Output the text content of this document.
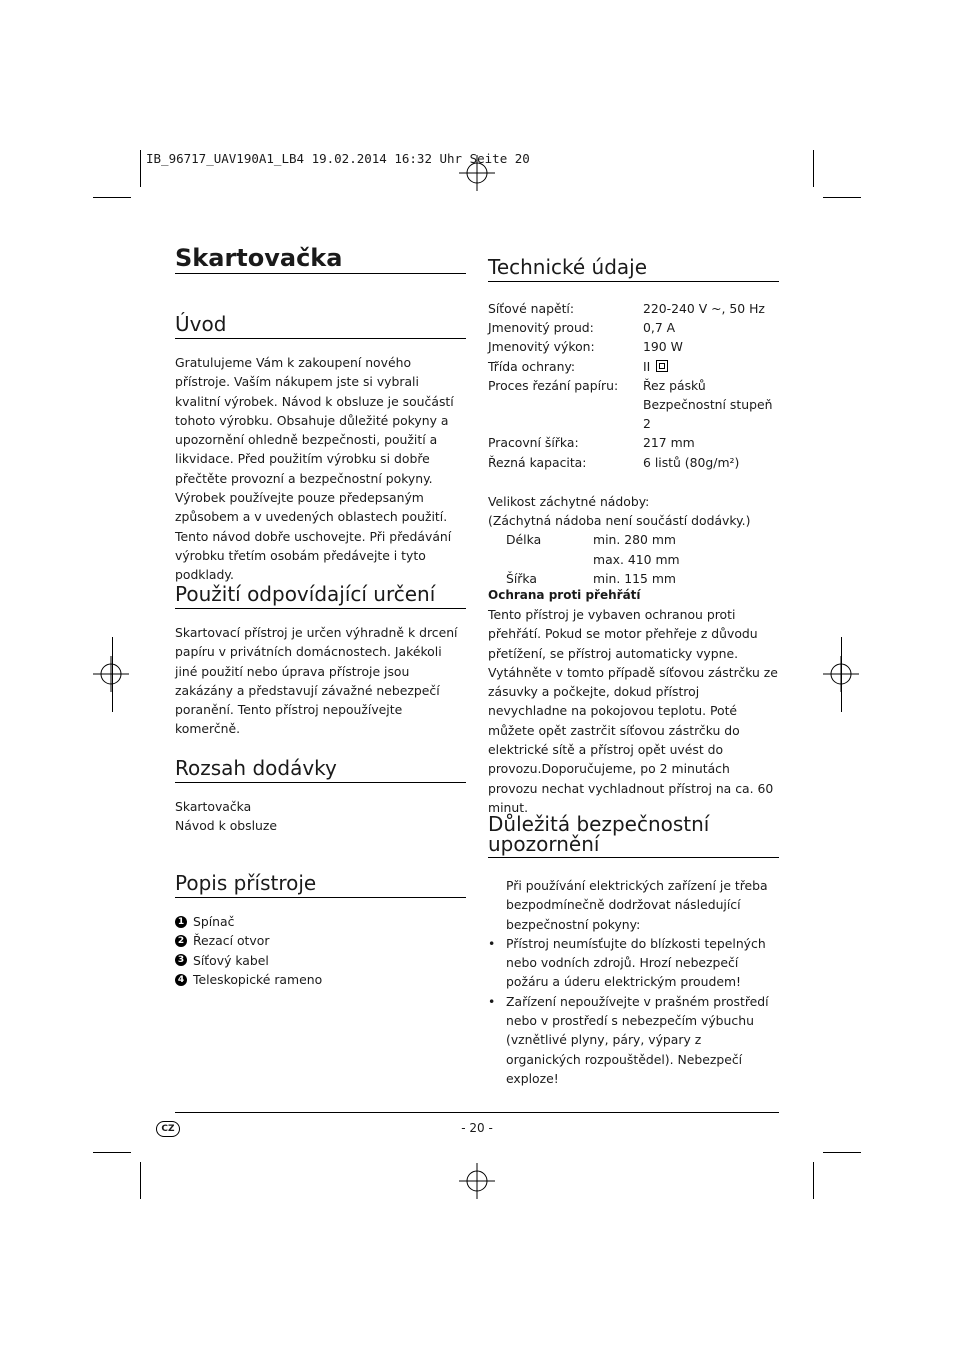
IB_96717_UAV190A1_LB4 19.02.2014 16:32 Uhr Seite 20
Skartovačka
Úvod
Gratulujeme Vám k zakoupení nového přístroje. Vaším nákupem jste si vybrali kvalitní výrobek. Návod k obsluze je součástí tohoto výrobku. Obsahuje důležité pokyny a upozornění ohledně bezpečnosti, použití a likvidace. Před použitím výrobku si dobře přečtěte provozní a bezpečnostní pokyny. Výrobek používejte pouze předepsaným způsobem a v uvedených oblastech použití. Tento návod dobře uschovejte. Při předávání výrobku třetím osobám předávejte i tyto podklady.
Použití odpovídající určení
Skartovací přístroj je určen výhradně k drcení papíru v privátních domácnostech. Jakékoli jiné použití nebo úprava přístroje jsou zakázány a představují závažné nebezpečí poranění. Tento přístroj nepoužívejte komerčně.
Rozsah dodávky
Skartovačka
Návod k obsluze
Popis přístroje
1 Spínač
2 Řezací otvor
3 Síťový kabel
4 Teleskopické rameno
Technické údaje
Síťové napětí:	220-240 V ~, 50 Hz
Jmenovitý proud:	0,7 A
Jmenovitý výkon:	190 W
Třída ochrany:	II
Proces řezání papíru:	Řez pásků Bezpečnostní stupeň 2
Pracovní šířka:	217 mm
Řezná kapacita:	6 listů (80g/m²)
Velikost záchytné nádoby:
(Záchytná nádoba není součástí dodávky.)
Délka	min. 280 mm
max. 410 mm
Šířka	min. 115 mm
Ochrana proti přehřátí
Tento přístroj je vybaven ochranou proti přehřátí. Pokud se motor přehřeje z důvodu přetížení, se přístroj automaticky vypne. Vytáhněte v tomto případě síťovou zástrčku ze zásuvky a počkejte, dokud přístroj nevychladne na pokojovou teplotu. Poté můžete opět zastrčit síťovou zástrčku do elektrické sítě a přístroj opět uvést do provozu.Doporučujeme, po 2 minutách provozu nechat vychladnout přístroj na ca. 60 minut.
Důležitá bezpečnostní upozornění
Při používání elektrických zařízení je třeba bezpodmínečně dodržovat následující bezpečnostní pokyny:
• Přístroj neumísťujte do blízkosti tepelných nebo vodních zdrojů. Hrozí nebezpečí požáru a úderu elektrickým proudem!
• Zařízení nepoužívejte v prašném prostředí nebo v prostředí s nebezpečím výbuchu (vznětlivé plyny, páry, výpary z organických rozpouštědel). Nebezpečí exploze!
CZ	- 20 -
